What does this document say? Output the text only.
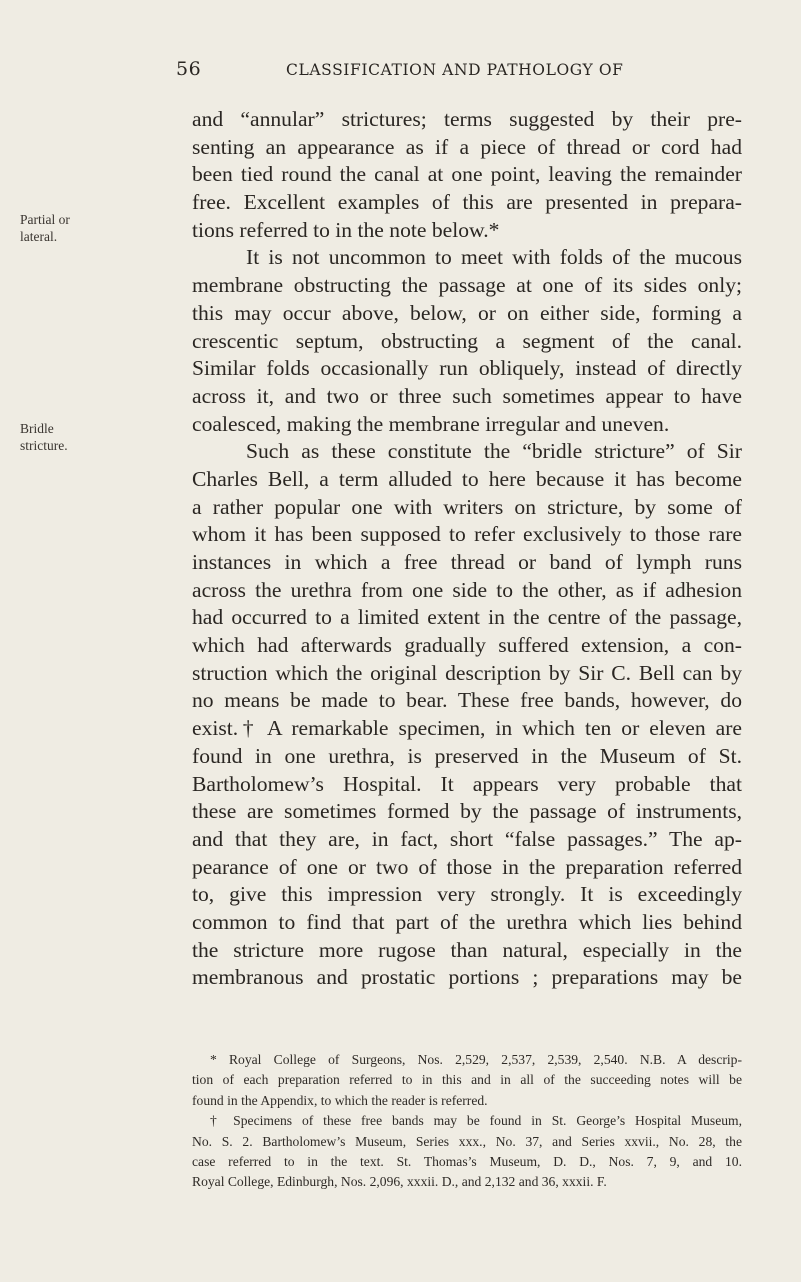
56	CLASSIFICATION AND PATHOLOGY OF
Partial or
lateral.
Bridle
stricture.
and “annular” strictures; terms suggested by their pre-
senting an appearance as if a piece of thread or cord had
been tied round the canal at one point, leaving the remainder
free. Excellent examples of this are presented in prepara-
tions referred to in the note below.*
It is not uncommon to meet with folds of the mucous
membrane obstructing the passage at one of its sides only;
this may occur above, below, or on either side, forming a
crescentic septum, obstructing a segment of the canal.
Similar folds occasionally run obliquely, instead of directly
across it, and two or three such sometimes appear to have
coalesced, making the membrane irregular and uneven.
Such as these constitute the “bridle stricture” of Sir
Charles Bell, a term alluded to here because it has become
a rather popular one with writers on stricture, by some of
whom it has been supposed to refer exclusively to those rare
instances in which a free thread or band of lymph runs
across the urethra from one side to the other, as if adhesion
had occurred to a limited extent in the centre of the passage,
which had afterwards gradually suffered extension, a con-
struction which the original description by Sir C. Bell can by
no means be made to bear. These free bands, however, do
exist.† A remarkable specimen, in which ten or eleven are
found in one urethra, is preserved in the Museum of St.
Bartholomew’s Hospital. It appears very probable that
these are sometimes formed by the passage of instruments,
and that they are, in fact, short “false passages.” The ap-
pearance of one or two of those in the preparation referred
to, give this impression very strongly. It is exceedingly
common to find that part of the urethra which lies behind
the stricture more rugose than natural, especially in the
membranous and prostatic portions ; preparations may be
* Royal College of Surgeons, Nos. 2,529, 2,537, 2,539, 2,540. N.B. A descrip-
tion of each preparation referred to in this and in all of the succeeding notes will be
found in the Appendix, to which the reader is referred.
† Specimens of these free bands may be found in St. George’s Hospital Museum,
No. S. 2. Bartholomew’s Museum, Series xxx., No. 37, and Series xxvii., No. 28, the
case referred to in the text. St. Thomas’s Museum, D. D., Nos. 7, 9, and 10.
Royal College, Edinburgh, Nos. 2,096, xxxii. D., and 2,132 and 36, xxxii. F.
